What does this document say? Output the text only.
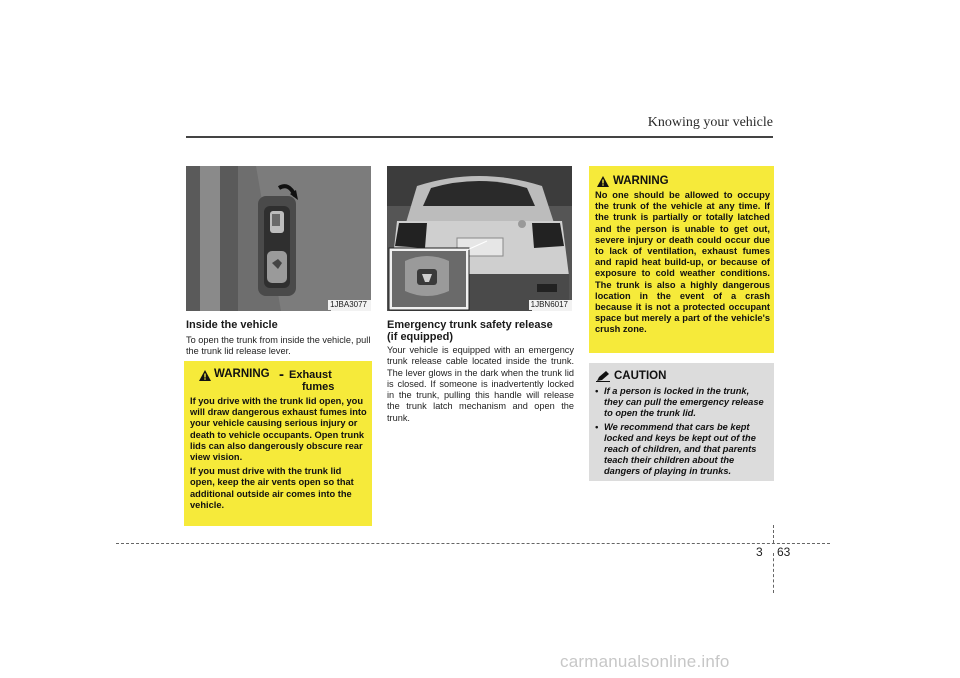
Knowing your vehicle
1JBA3077
Inside the vehicle
To open the trunk from inside the vehicle, pull the trunk lid release lever.
WARNING - Exhaust
fumes

If you drive with the trunk lid open, you will draw dangerous exhaust fumes into your vehicle causing serious injury or death to vehicle occupants. Open trunk lids can also dangerously obscure rear view vision.

If you must drive with the trunk lid open, keep the air vents open so that additional outside air comes into the vehicle.

1JBN6017
Emergency trunk safety release
(if equipped)
Your vehicle is equipped with an emergency trunk release cable located inside the trunk. The lever glows in the dark when the trunk lid is closed. If someone is inadvertently locked in the trunk, pulling this handle will release the trunk latch mechanism and open the trunk.
WARNING
No one should be allowed to occupy the trunk of the vehicle at any time. If the trunk is partially or totally latched and the person is unable to get out, severe injury or death could occur due to lack of ventilation, exhaust fumes and rapid heat build-up, or because of exposure to cold weather conditions. The trunk is also a highly dangerous location in the event of a crash because it is not a protected occupant space but merely a part of the vehicle's crush zone.
CAUTION
• If a person is locked in the trunk, they can pull the emergency release to open the trunk lid.
• We recommend that cars be kept locked and keys be kept out of the reach of children, and that parents teach their children about the dangers of playing in trunks.
3 63
carmanualsonline.info
